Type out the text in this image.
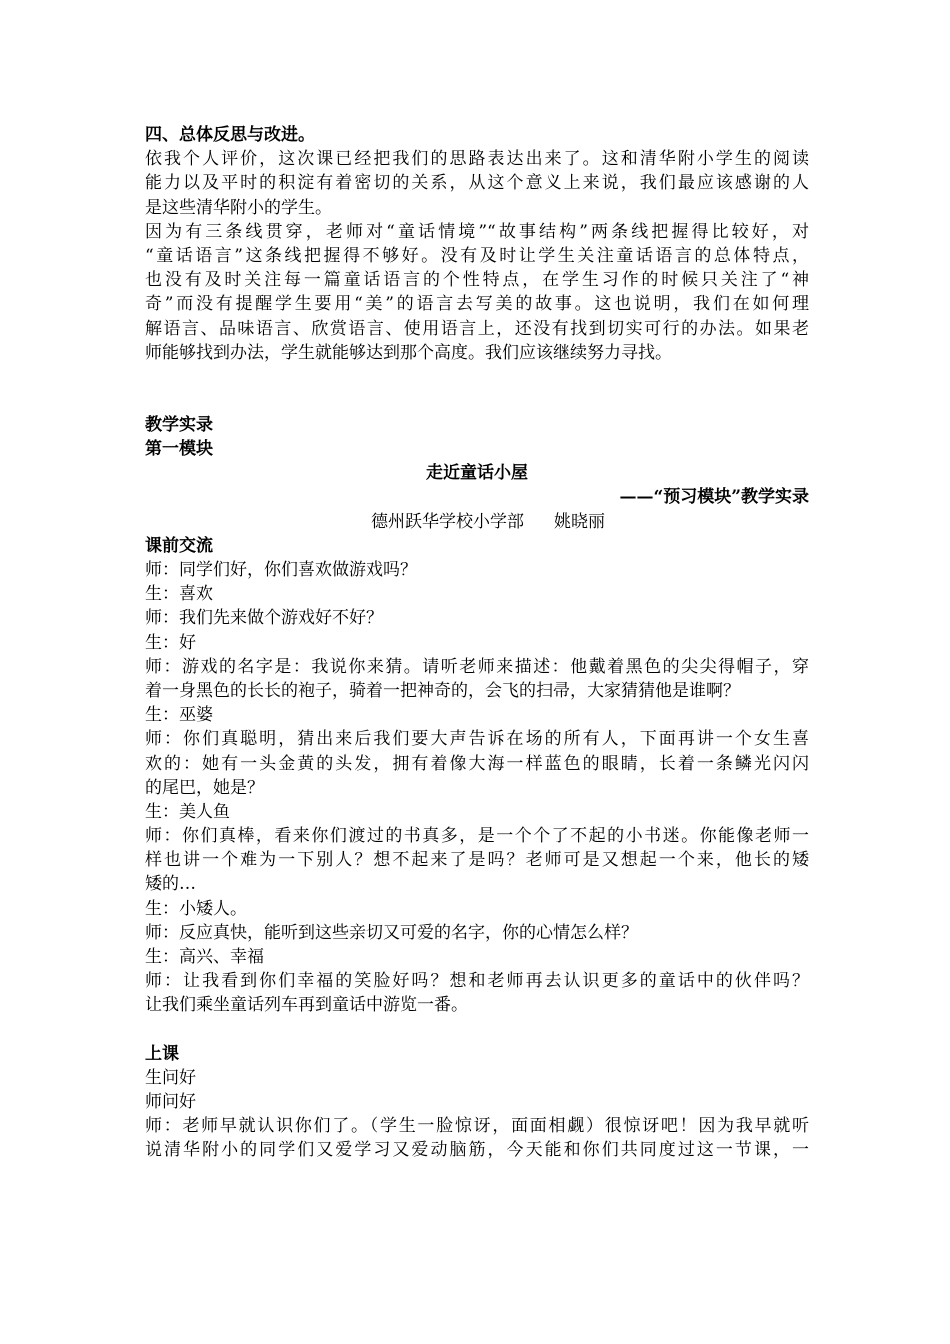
四、总体反思与改进。
依我个人评价，这次课已经把我们的思路表达出来了。这和清华附小学生的阅读
能力以及平时的积淀有着密切的关系，从这个意义上来说，我们最应该感谢的人
是这些清华附小的学生。
因为有三条线贯穿，老师对“童话情境”“故事结构”两条线把握得比较好，对
“童话语言”这条线把握得不够好。没有及时让学生关注童话语言的总体特点，
也没有及时关注每一篇童话语言的个性特点，在学生习作的时候只关注了“神
奇”而没有提醒学生要用“美”的语言去写美的故事。这也说明，我们在如何理
解语言、品味语言、欣赏语言、使用语言上，还没有找到切实可行的办法。如果老
师能够找到办法，学生就能够达到那个高度。我们应该继续努力寻找。
教学实录
第一模块
走近童话小屋
——“预习模块”教学实录
德州跃华学校小学部 姚晓丽
课前交流
师：同学们好，你们喜欢做游戏吗？
生：喜欢
师：我们先来做个游戏好不好？
生：好
师：游戏的名字是：我说你来猜。请听老师来描述：他戴着黑色的尖尖得帽子，穿
着一身黑色的长长的袍子，骑着一把神奇的，会飞的扫帚，大家猜猜他是谁啊？
生：巫婆
师：你们真聪明，猜出来后我们要大声告诉在场的所有人，下面再讲一个女生喜
欢的：她有一头金黄的头发，拥有着像大海一样蓝色的眼睛，长着一条鳞光闪闪
的尾巴，她是？
生：美人鱼
师：你们真棒，看来你们渡过的书真多，是一个个了不起的小书迷。你能像老师一
样也讲一个难为一下别人？想不起来了是吗？老师可是又想起一个来，他长的矮
矮的…
生：小矮人。
师：反应真快，能听到这些亲切又可爱的名字，你的心情怎么样？
生：高兴、幸福
师：让我看到你们幸福的笑脸好吗？想和老师再去认识更多的童话中的伙伴吗？
让我们乘坐童话列车再到童话中游览一番。
上课
生问好
师问好
师：老师早就认识你们了。（学生一脸惊讶，面面相觑）很惊讶吧！因为我早就听
说清华附小的同学们又爱学习又爱动脑筋，今天能和你们共同度过这一节课，一
